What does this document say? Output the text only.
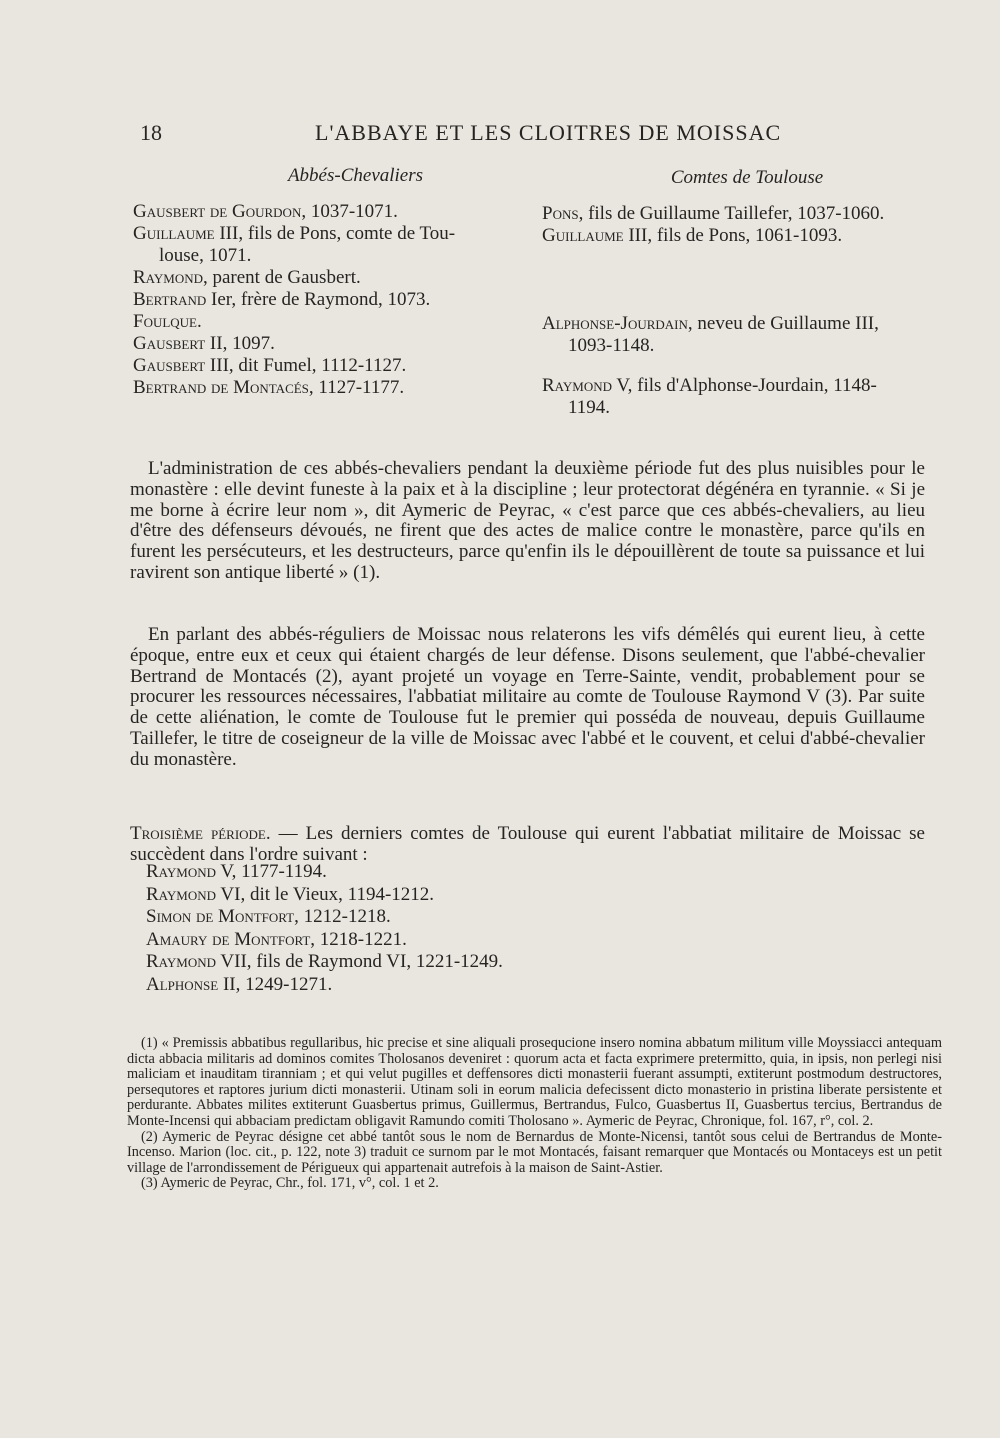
18	L'ABBAYE ET LES CLOITRES DE MOISSAC
Abbés-Chevaliers

Gausbert de Gourdon, 1037-1071.

Guillaume III, fils de Pons, comte de Tou-

louse, 1071.

Raymond, parent de Gausbert.

Bertrand Ier, frère de Raymond, 1073.

Foulque.

Gausbert II, 1097.

Gausbert III, dit Fumel, 1112-1127.

Bertrand de Montacés, 1127-1177.

Comtes de Toulouse

Pons, fils de Guillaume Taillefer, 1037-1060.

Guillaume III, fils de Pons, 1061-1093.

Alphonse-Jourdain, neveu de Guillaume III,

1093-1148.

Raymond V, fils d'Alphonse-Jourdain, 1148-

1194.

L'administration de ces abbés-chevaliers pendant la deuxième période fut des plus nuisibles pour le monastère : elle devint funeste à la paix et à la discipline ; leur protectorat dégénéra en tyrannie. « Si je me borne à écrire leur nom », dit Aymeric de Peyrac, « c'est parce que ces abbés-chevaliers, au lieu d'être des défenseurs dévoués, ne firent que des actes de malice contre le monastère, parce qu'ils en furent les persécuteurs, et les destructeurs, parce qu'enfin ils le dépouillèrent de toute sa puissance et lui ravirent son antique liberté » (1).

En parlant des abbés-réguliers de Moissac nous relaterons les vifs démêlés qui eurent lieu, à cette époque, entre eux et ceux qui étaient chargés de leur défense. Disons seulement, que l'abbé-chevalier Bertrand de Montacés (2), ayant projeté un voyage en Terre-Sainte, vendit, probablement pour se procurer les ressources nécessaires, l'abbatiat militaire au comte de Toulouse Raymond V (3). Par suite de cette aliénation, le comte de Toulouse fut le premier qui posséda de nouveau, depuis Guillaume Taillefer, le titre de coseigneur de la ville de Moissac avec l'abbé et le couvent, et celui d'abbé-chevalier du monastère.

Troisième période. — Les derniers comtes de Toulouse qui eurent l'abbatiat militaire de Moissac se succèdent dans l'ordre suivant :

Raymond V, 1177-1194.
Raymond VI, dit le Vieux, 1194-1212.
Simon de Montfort, 1212-1218.
Amaury de Montfort, 1218-1221.
Raymond VII, fils de Raymond VI, 1221-1249.
Alphonse II, 1249-1271.

(1) « Premissis abbatibus regullaribus, hic precise et sine aliquali prosequcione insero nomina abbatum militum ville Moyssiacci antequam dicta abbacia militaris ad dominos comites Tholosanos deveniret : quorum acta et facta exprimere pretermitto, quia, in ipsis, non perlegi nisi maliciam et inauditam tiranniam ; et qui velut pugilles et deffensores dicti monasterii fuerant assumpti, extiterunt postmodum destructores, persequtores et raptores jurium dicti monasterii. Utinam soli in eorum malicia defecissent dicto monasterio in pristina liberate persistente et perdurante. Abbates milites extiterunt Guasbertus primus, Guillermus, Bertrandus, Fulco, Guasbertus II, Guasbertus tercius, Bertrandus de Monte-Incensi qui abbaciam predictam obligavit Ramundo comiti Tholosano ». Aymeric de Peyrac, Chronique, fol. 167, r°, col. 2.

(2) Aymeric de Peyrac désigne cet abbé tantôt sous le nom de Bernardus de Monte-Nicensi, tantôt sous celui de Bertrandus de Monte-Incenso. Marion (loc. cit., p. 122, note 3) traduit ce surnom par le mot Montacés, faisant remarquer que Montacés ou Montaceys est un petit village de l'arrondissement de Périgueux qui appartenait autrefois à la maison de Saint-Astier.

(3) Aymeric de Peyrac, Chr., fol. 171, v°, col. 1 et 2.
